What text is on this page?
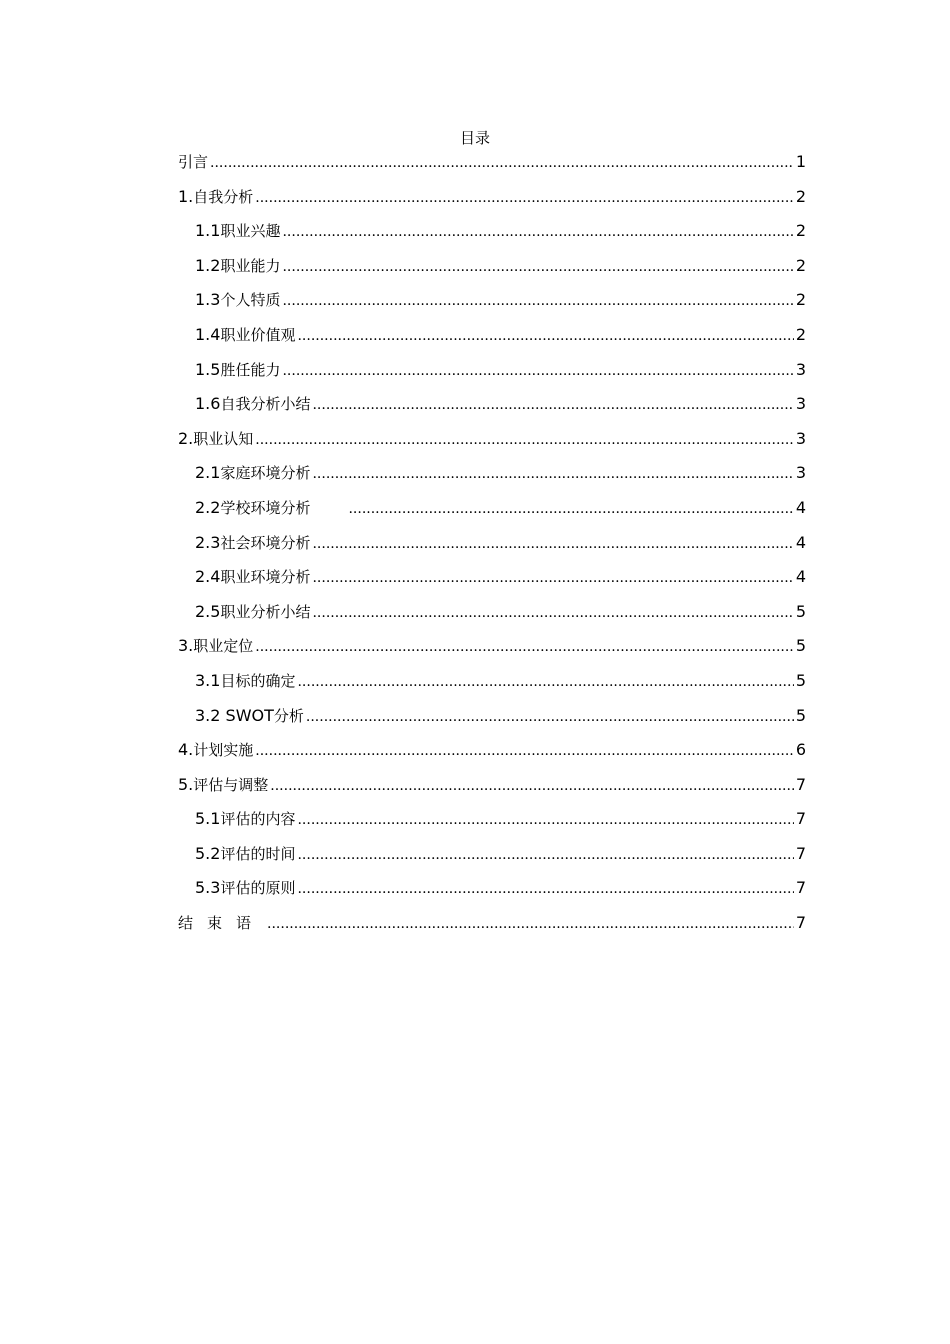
目录
引言 .....	1
1. 自我分析 .....	2
1.1 职业兴趣 .....	2
1.2 职业能力 .....	2
1.3 个人特质 .....	2
1.4 职业价值观 .....	2
1.5 胜任能力 .....	3
1.6 自我分析小结 .....	3
2. 职业认知 .....	3
2.1 家庭环境分析 .....	3
2.2 学校环境分析 .....	4
2.3 社会环境分析 .....	4
2.4 职业环境分析 .....	4
2.5 职业分析小结 .....	5
3. 职业定位 .....	5
3.1 目标的确定 .....	5
3.2 SWOT 分析 .....	5
4. 计划实施 .....	6
5. 评估与调整 .....	7
5.1 评估的内容 .....	7
5.2 评估的时间 .....	7
5.3 评估的原则 .....	7
结束语 .....	7
